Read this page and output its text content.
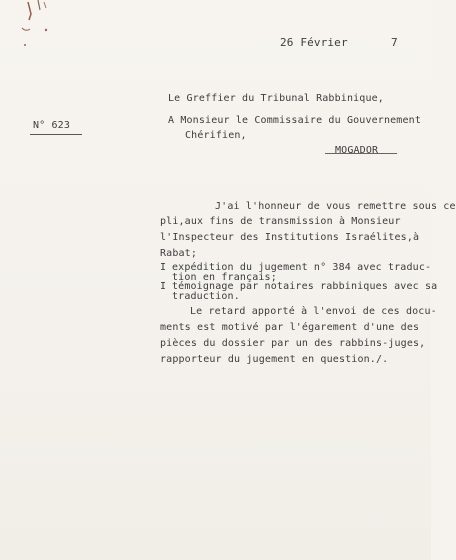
26 Février	7
N° 623
Le Greffier du Tribunal Rabbinique,
A Monsieur le Commissaire du Gouvernement
Chérifien,
MOGADOR
J'ai l'honneur de vous remettre sous ce
pli,aux fins de transmission à Monsieur
l'Inspecteur des Institutions Israélites,à
Rabat;
I expédition du jugement n° 384 avec traduc-
tion en français;
I témoignage par notaires rabbiniques avec sa
traduction.
Le retard apporté à l'envoi de ces docu-
ments est motivé par l'égarement d'une des
pièces du dossier par un des rabbins-juges,
rapporteur du jugement en question./.
